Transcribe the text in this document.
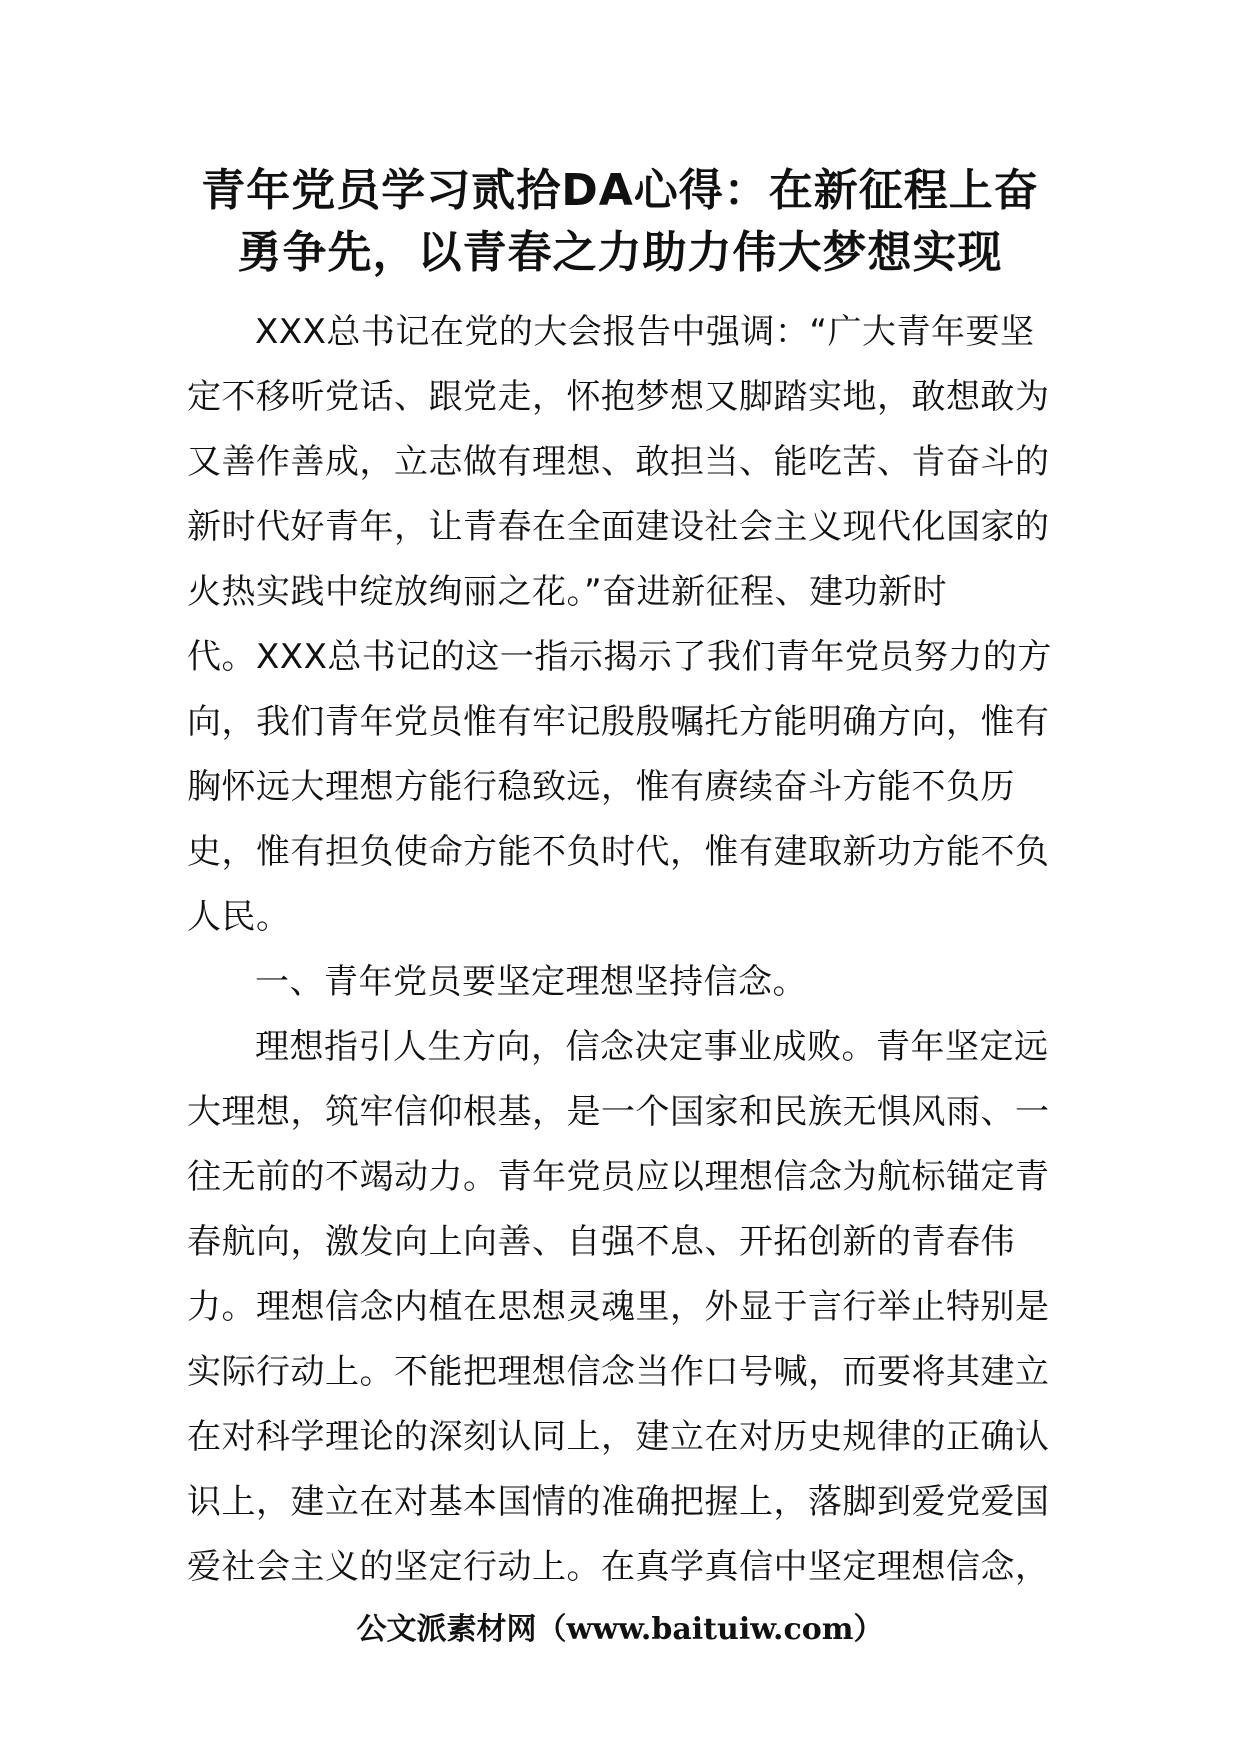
青年党员学习贰拾DA心得：在新征程上奋
勇争先，以青春之力助力伟大梦想实现
XXX总书记在党的大会报告中强调：“广大青年要坚
定不移听党话、跟党走，怀抱梦想又脚踏实地，敢想敢为
又善作善成，立志做有理想、敢担当、能吃苦、肯奋斗的
新时代好青年，让青春在全面建设社会主义现代化国家的
火热实践中绽放绚丽之花。”奋进新征程、建功新时
代。XXX总书记的这一指示揭示了我们青年党员努力的方
向，我们青年党员惟有牢记殷殷嘱托方能明确方向，惟有
胸怀远大理想方能行稳致远，惟有赓续奋斗方能不负历
史，惟有担负使命方能不负时代，惟有建取新功方能不负
人民。
一、青年党员要坚定理想坚持信念。
理想指引人生方向，信念决定事业成败。青年坚定远
大理想，筑牢信仰根基，是一个国家和民族无惧风雨、一
往无前的不竭动力。青年党员应以理想信念为航标锚定青
春航向，激发向上向善、自强不息、开拓创新的青春伟
力。理想信念内植在思想灵魂里，外显于言行举止特别是
实际行动上。不能把理想信念当作口号喊，而要将其建立
在对科学理论的深刻认同上，建立在对历史规律的正确认
识上，建立在对基本国情的准确把握上，落脚到爱党爱国
爱社会主义的坚定行动上。在真学真信中坚定理想信念，
公文派素材网（www.baituiw.com）
